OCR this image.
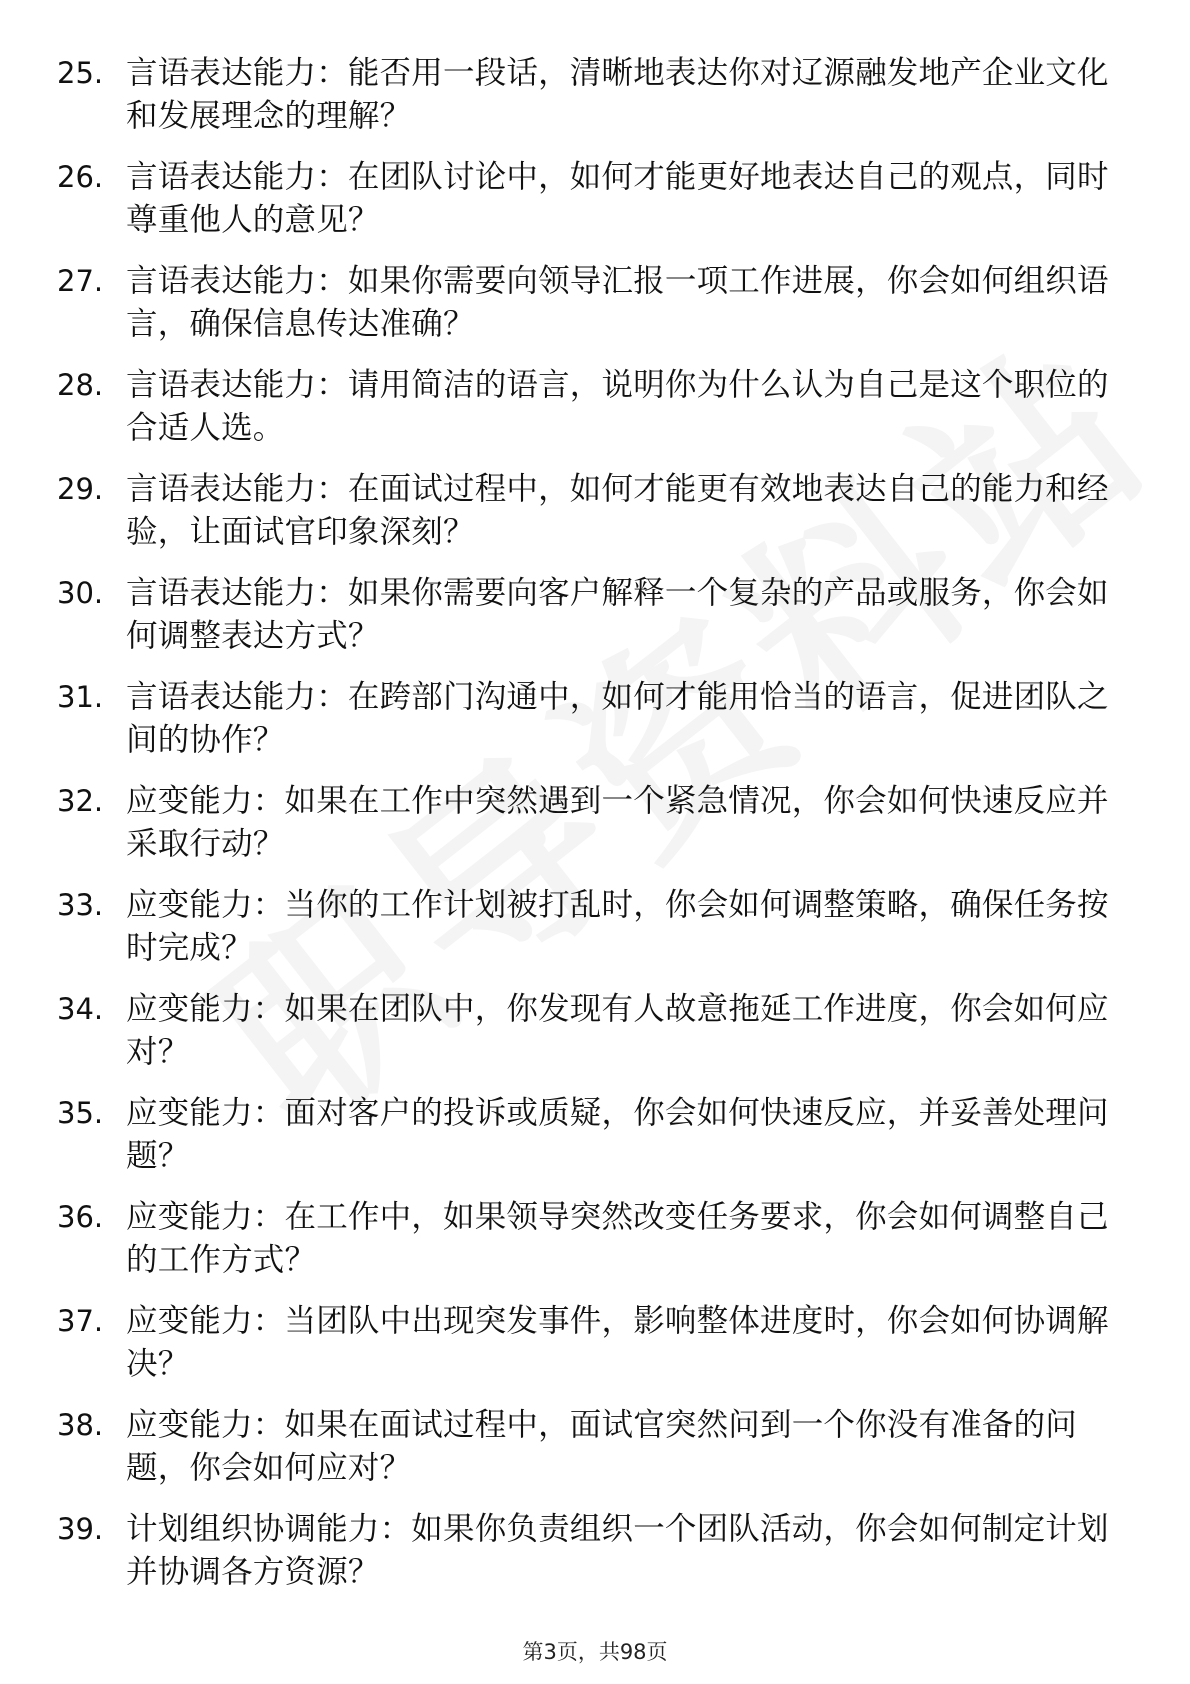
25. 言语表达能力：能否用一段话，清晰地表达你对辽源融发地产企业文化和发展理念的理解？
26. 言语表达能力：在团队讨论中，如何才能更好地表达自己的观点，同时尊重他人的意见？
27. 言语表达能力：如果你需要向领导汇报一项工作进展，你会如何组织语言，确保信息传达准确？
28. 言语表达能力：请用简洁的语言，说明你为什么认为自己是这个职位的合适人选。
29. 言语表达能力：在面试过程中，如何才能更有效地表达自己的能力和经验，让面试官印象深刻？
30. 言语表达能力：如果你需要向客户解释一个复杂的产品或服务，你会如何调整表达方式？
31. 言语表达能力：在跨部门沟通中，如何才能用恰当的语言，促进团队之间的协作？
32. 应变能力：如果在工作中突然遇到一个紧急情况，你会如何快速反应并采取行动？
33. 应变能力：当你的工作计划被打乱时，你会如何调整策略，确保任务按时完成？
34. 应变能力：如果在团队中，你发现有人故意拖延工作进度，你会如何应对？
35. 应变能力：面对客户的投诉或质疑，你会如何快速反应，并妥善处理问题？
36. 应变能力：在工作中，如果领导突然改变任务要求，你会如何调整自己的工作方式？
37. 应变能力：当团队中出现突发事件，影响整体进度时，你会如何协调解决？
38. 应变能力：如果在面试过程中，面试官突然问到一个你没有准备的问题，你会如何应对？
39. 计划组织协调能力：如果你负责组织一个团队活动，你会如何制定计划并协调各方资源？
第3页，共98页
